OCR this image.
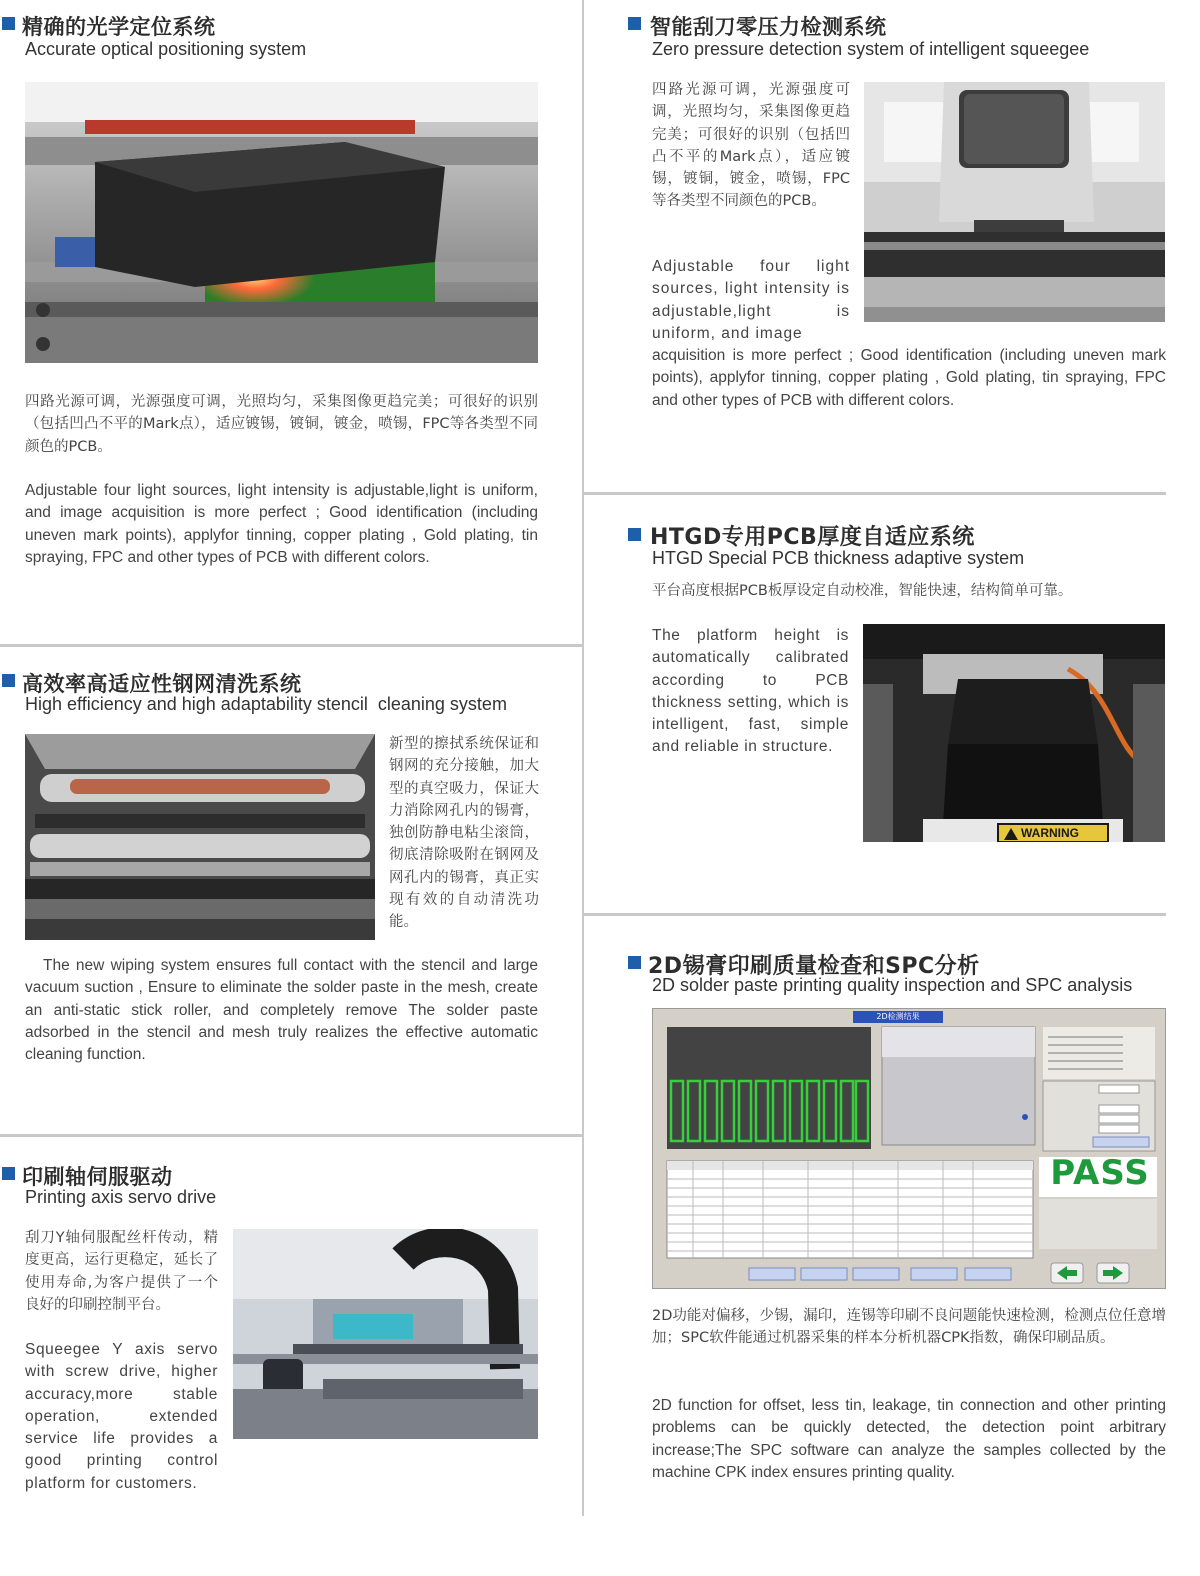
精确的光学定位系统
Accurate optical positioning system

四路光源可调，光源强度可调，光照均匀，采集图像更趋完美；可很好的识别（包括凹凸不平的Mark点），适应镀锡，镀铜，镀金，喷锡，FPC等各类型不同颜色的PCB。

Adjustable four light sources, light intensity is adjustable,light is uniform, and image acquisition is more perfect ; Good identification (including uneven mark points), applyfor tinning, copper plating , Gold plating, tin spraying, FPC and other types of PCB with different colors.

智能刮刀零压力检测系统
Zero pressure detection system of intelligent squeegee

四路光源可调，光源强度可调，光照均匀，采集图像更趋完美；可很好的识别（包括凹凸不平的Mark点），适应镀锡，镀铜，镀金，喷锡，FPC等各类型不同颜色的PCB。

Adjustable four light sources, light intensity is adjustable,light is uniform, and image

acquisition is more perfect ; Good identification (including uneven mark points), applyfor tinning, copper plating , Gold plating, tin spraying, FPC and other types of PCB with different colors.

高效率高适应性钢网清洗系统
High efficiency and high adaptability stencil  cleaning system

新型的擦拭系统保证和钢网的充分接触，加大型的真空吸力，保证大力消除网孔内的锡膏，独创防静电粘尘滚筒，彻底清除吸附在钢网及网孔内的锡膏，真正实现有效的自动清洗功能。

The new wiping system ensures full contact with the stencil and large vacuum suction , Ensure to eliminate the solder paste in the mesh, create an anti-static stick roller, and completely remove The solder paste adsorbed in the stencil and mesh truly realizes the effective automatic cleaning function.

HTGD专用PCB厚度自适应系统
HTGD Special PCB thickness adaptive system

平台高度根据PCB板厚设定自动校准，智能快速，结构简单可靠。

The platform height is automatically calibrated according to PCB thickness setting, which is intelligent, fast, simple and reliable in structure.

WARNING
印刷轴伺服驱动
Printing axis servo drive

刮刀Y轴伺服配丝杆传动，精度更高，运行更稳定，延长了使用寿命,为客户提供了一个良好的印刷控制平台。

Squeegee Y axis servo with screw drive, higher accuracy,more stable operation, extended service life provides a good printing control platform for customers.

2D锡膏印刷质量检查和SPC分析
2D solder paste printing quality inspection and SPC analysis
2D检测结果
PASS

2D功能对偏移，少锡，漏印，连锡等印刷不良问题能快速检测，检测点位任意增加；SPC软件能通过机器采集的样本分析机器CPK指数，确保印刷品质。

2D function for offset, less tin, leakage, tin connection and other printing problems can be quickly detected, the detection point arbitrary increase;The SPC software can analyze the samples collected by the machine CPK index ensures printing quality.
